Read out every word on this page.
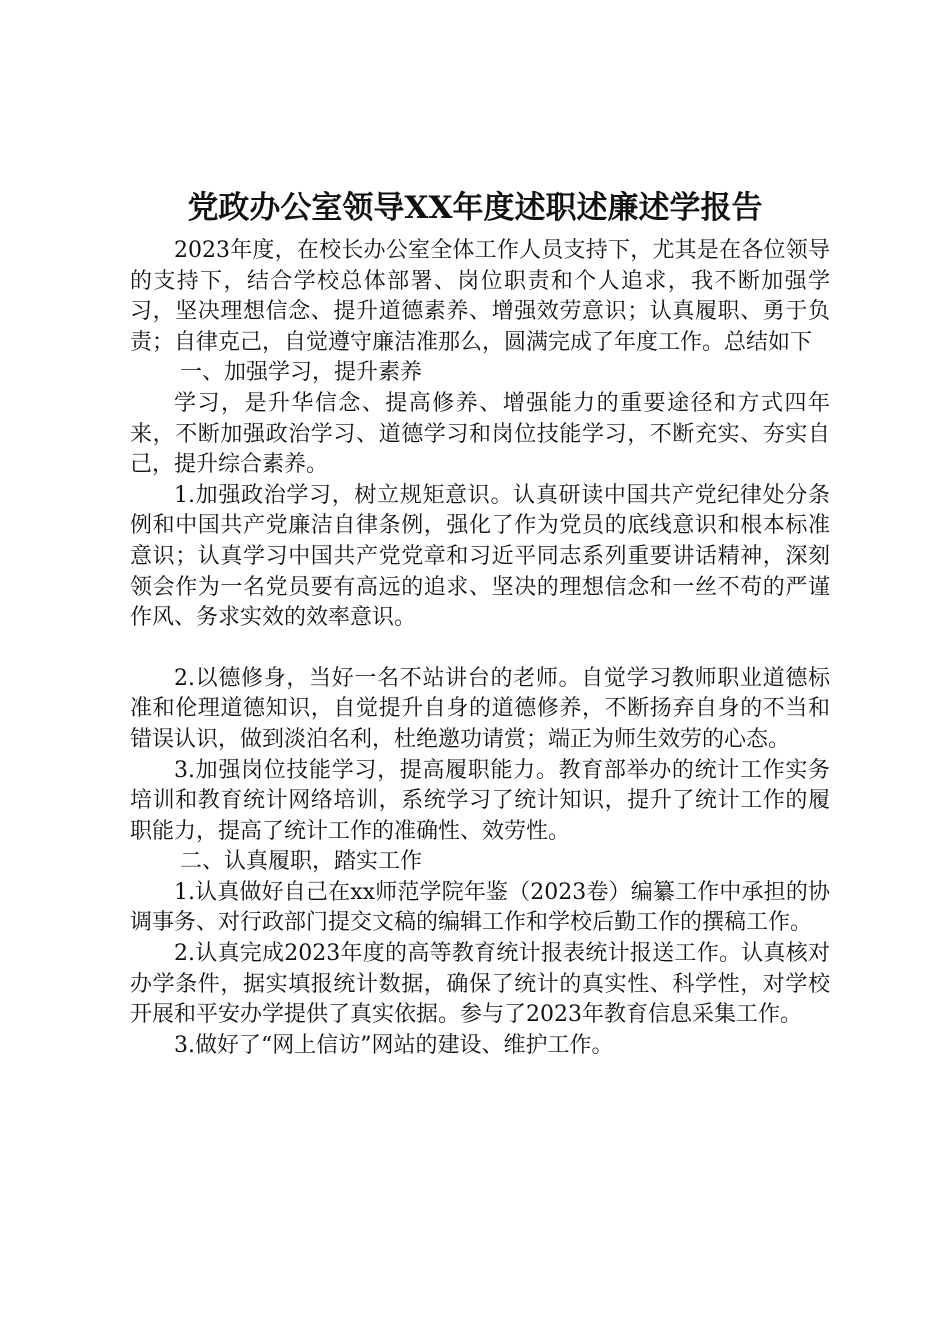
党政办公室领导XX年度述职述廉述学报告

2023年度，在校长办公室全体工作人员支持下，尤其是在各位领导的支持下，结合学校总体部署、岗位职责和个人追求，我不断加强学习，坚决理想信念、提升道德素养、增强效劳意识；认真履职、勇于负责；自律克己，自觉遵守廉洁准那么，圆满完成了年度工作。总结如下

一、加强学习，提升素养

学习，是升华信念、提高修养、增强能力的重要途径和方式四年来，不断加强政治学习、道德学习和岗位技能学习，不断充实、夯实自己，提升综合素养。

1.加强政治学习，树立规矩意识。认真研读中国共产党纪律处分条例和中国共产党廉洁自律条例，强化了作为党员的底线意识和根本标准意识；认真学习中国共产党党章和习近平同志系列重要讲话精神，深刻领会作为一名党员要有高远的追求、坚决的理想信念和一丝不苟的严谨作风、务求实效的效率意识。

2.以德修身，当好一名不站讲台的老师。自觉学习教师职业道德标准和伦理道德知识，自觉提升自身的道德修养，不断扬弃自身的不当和错误认识，做到淡泊名利，杜绝邀功请赏；端正为师生效劳的心态。

3.加强岗位技能学习，提高履职能力。教育部举办的统计工作实务培训和教育统计网络培训，系统学习了统计知识，提升了统计工作的履职能力，提高了统计工作的准确性、效劳性。

二、认真履职，踏实工作

1.认真做好自己在xx师范学院年鉴（2023卷）编纂工作中承担的协调事务、对行政部门提交文稿的编辑工作和学校后勤工作的撰稿工作。

2.认真完成2023年度的高等教育统计报表统计报送工作。认真核对办学条件，据实填报统计数据，确保了统计的真实性、科学性，对学校开展和平安办学提供了真实依据。参与了2023年教育信息采集工作。

3.做好了“网上信访”网站的建设、维护工作。
